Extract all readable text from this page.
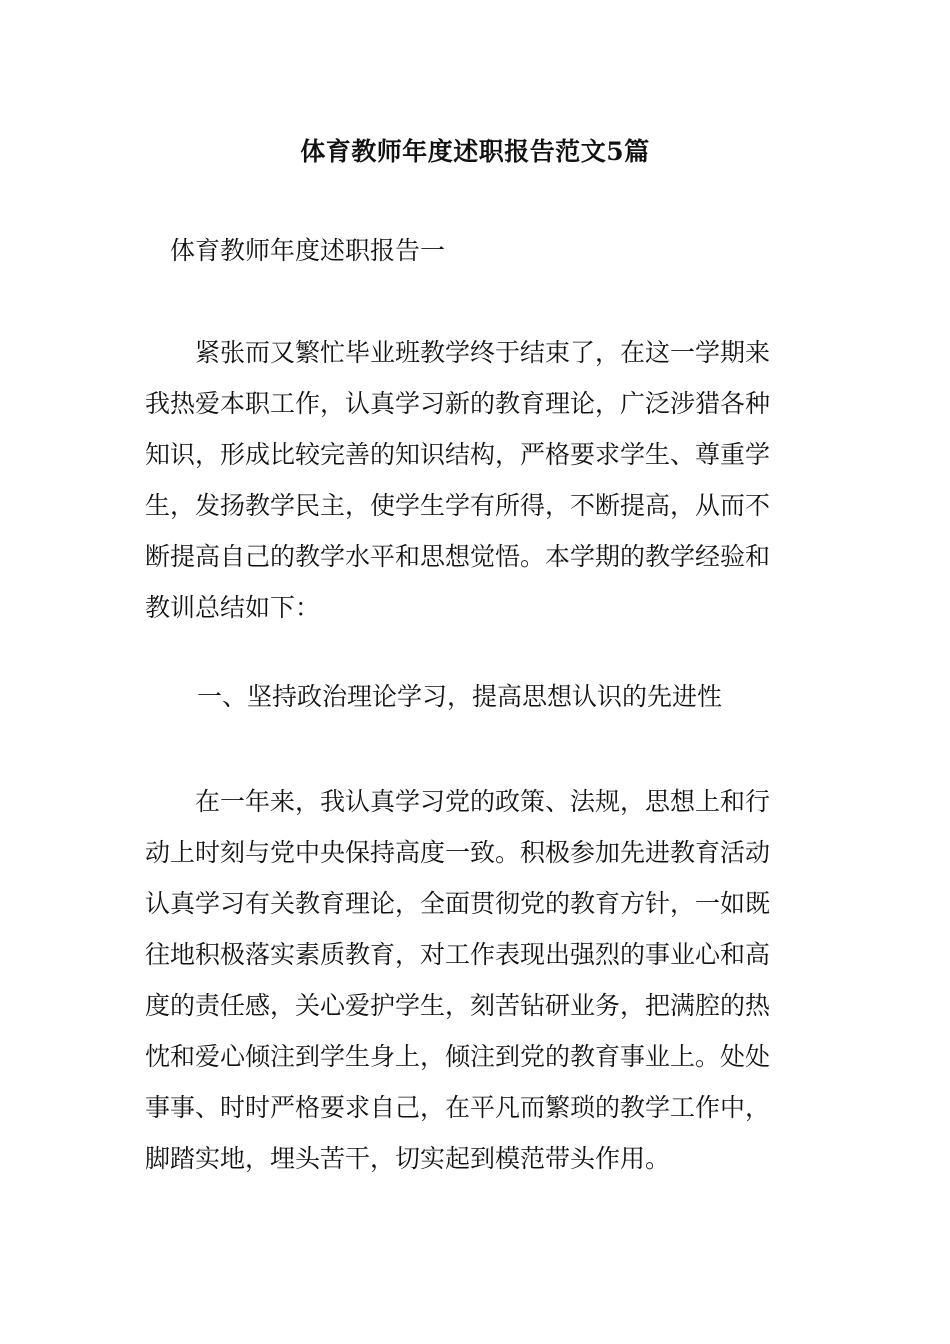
体育教师年度述职报告范文5篇
体育教师年度述职报告一

　　紧张而又繁忙毕业班教学终于结束了，在这一学期来
我热爱本职工作，认真学习新的教育理论，广泛涉猎各种
知识，形成比较完善的知识结构，严格要求学生、尊重学
生，发扬教学民主，使学生学有所得，不断提高，从而不
断提高自己的教学水平和思想觉悟。本学期的教学经验和
教训总结如下：

一、坚持政治理论学习，提高思想认识的先进性

　　在一年来，我认真学习党的政策、法规，思想上和行
动上时刻与党中央保持高度一致。积极参加先进教育活动
认真学习有关教育理论，全面贯彻党的教育方针，一如既
往地积极落实素质教育，对工作表现出强烈的事业心和高
度的责任感，关心爱护学生，刻苦钻研业务，把满腔的热
忱和爱心倾注到学生身上，倾注到党的教育事业上。处处
事事、时时严格要求自己，在平凡而繁琐的教学工作中，
脚踏实地，埋头苦干，切实起到模范带头作用。
